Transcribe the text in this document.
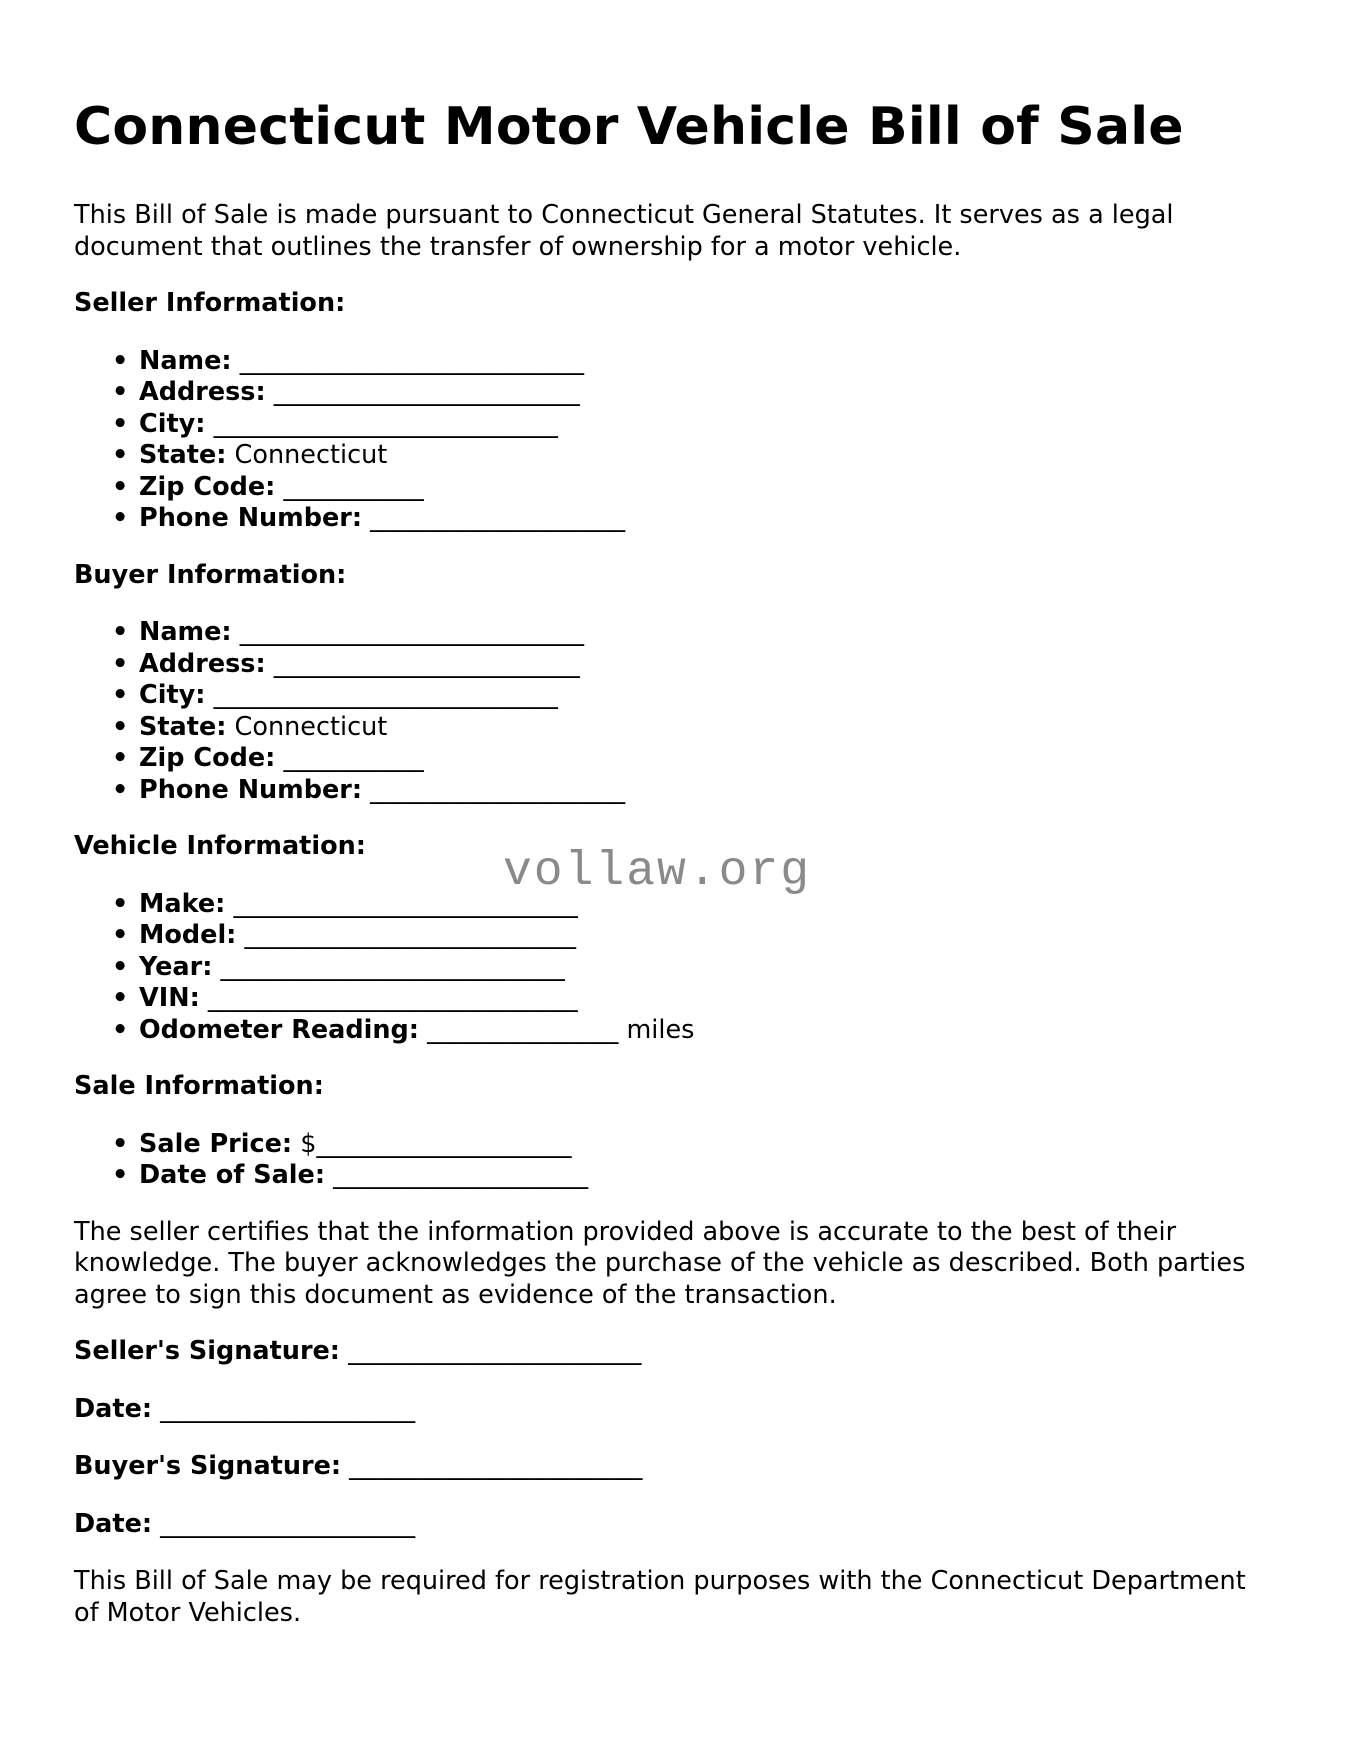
Connecticut Motor Vehicle Bill of Sale

This Bill of Sale is made pursuant to Connecticut General Statutes. It serves as a legal document that outlines the transfer of ownership for a motor vehicle.

Seller Information:
• Name: ___________________________
• Address: ________________________
• City: ___________________________
• State: Connecticut
• Zip Code: ___________
• Phone Number: ____________________
Buyer Information:
• Name: ___________________________
• Address: ________________________
• City: ___________________________
• State: Connecticut
• Zip Code: ___________
• Phone Number: ____________________
Vehicle Information:
• Make: ___________________________
• Model: __________________________
• Year: ___________________________
• VIN: _____________________________
• Odometer Reading: _______________ miles
Sale Information:
• Sale Price: $____________________
• Date of Sale: ____________________

The seller certifies that the information provided above is accurate to the best of their knowledge. The buyer acknowledges the purchase of the vehicle as described. Both parties agree to sign this document as evidence of the transaction.

Seller's Signature: _______________________
Date: ____________________
Buyer's Signature: _______________________
Date: ____________________

This Bill of Sale may be required for registration purposes with the Connecticut Department of Motor Vehicles.

vollaw.org
